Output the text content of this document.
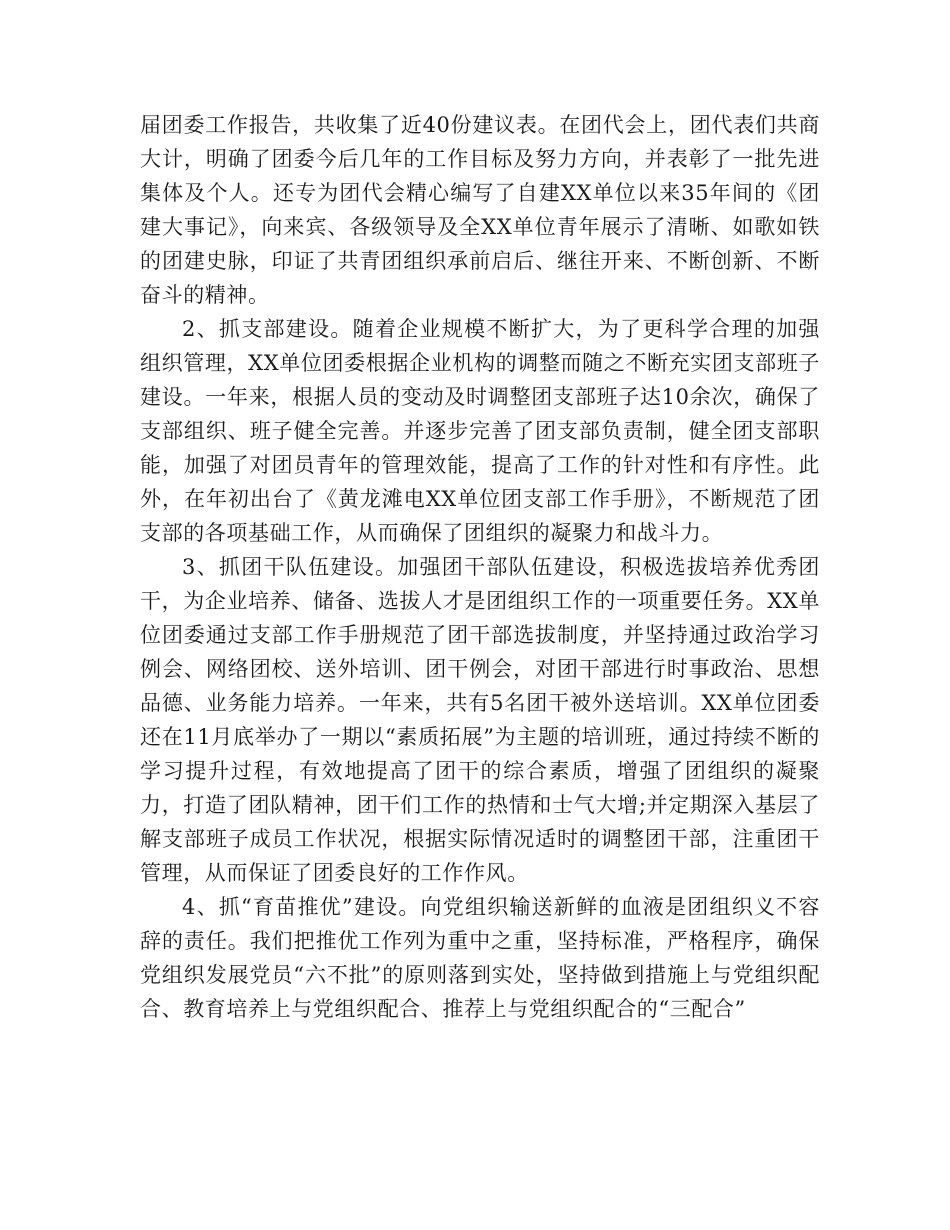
届团委工作报告，共收集了近40份建议表。在团代会上，团代表们共商大计，明确了团委今后几年的工作目标及努力方向，并表彰了一批先进集体及个人。还专为团代会精心编写了自建XX单位以来35年间的《团建大事记》，向来宾、各级领导及全XX单位青年展示了清晰、如歌如铁的团建史脉，印证了共青团组织承前启后、继往开来、不断创新、不断奋斗的精神。

2、抓支部建设。随着企业规模不断扩大，为了更科学合理的加强组织管理，XX单位团委根据企业机构的调整而随之不断充实团支部班子建设。一年来，根据人员的变动及时调整团支部班子达10余次，确保了支部组织、班子健全完善。并逐步完善了团支部负责制，健全团支部职能，加强了对团员青年的管理效能，提高了工作的针对性和有序性。此外，在年初出台了《黄龙滩电XX单位团支部工作手册》，不断规范了团支部的各项基础工作，从而确保了团组织的凝聚力和战斗力。

3、抓团干队伍建设。加强团干部队伍建设，积极选拔培养优秀团干，为企业培养、储备、选拔人才是团组织工作的一项重要任务。XX单位团委通过支部工作手册规范了团干部选拔制度，并坚持通过政治学习例会、网络团校、送外培训、团干例会，对团干部进行时事政治、思想品德、业务能力培养。一年来，共有5名团干被外送培训。XX单位团委还在11月底举办了一期以“素质拓展”为主题的培训班，通过持续不断的学习提升过程，有效地提高了团干的综合素质，增强了团组织的凝聚力，打造了团队精神，团干们工作的热情和士气大增;并定期深入基层了解支部班子成员工作状况，根据实际情况适时的调整团干部，注重团干管理，从而保证了团委良好的工作作风。

4、抓“育苗推优”建设。向党组织输送新鲜的血液是团组织义不容辞的责任。我们把推优工作列为重中之重，坚持标准，严格程序，确保党组织发展党员“六不批”的原则落到实处，坚持做到措施上与党组织配合、教育培养上与党组织配合、推荐上与党组织配合的“三配合”
